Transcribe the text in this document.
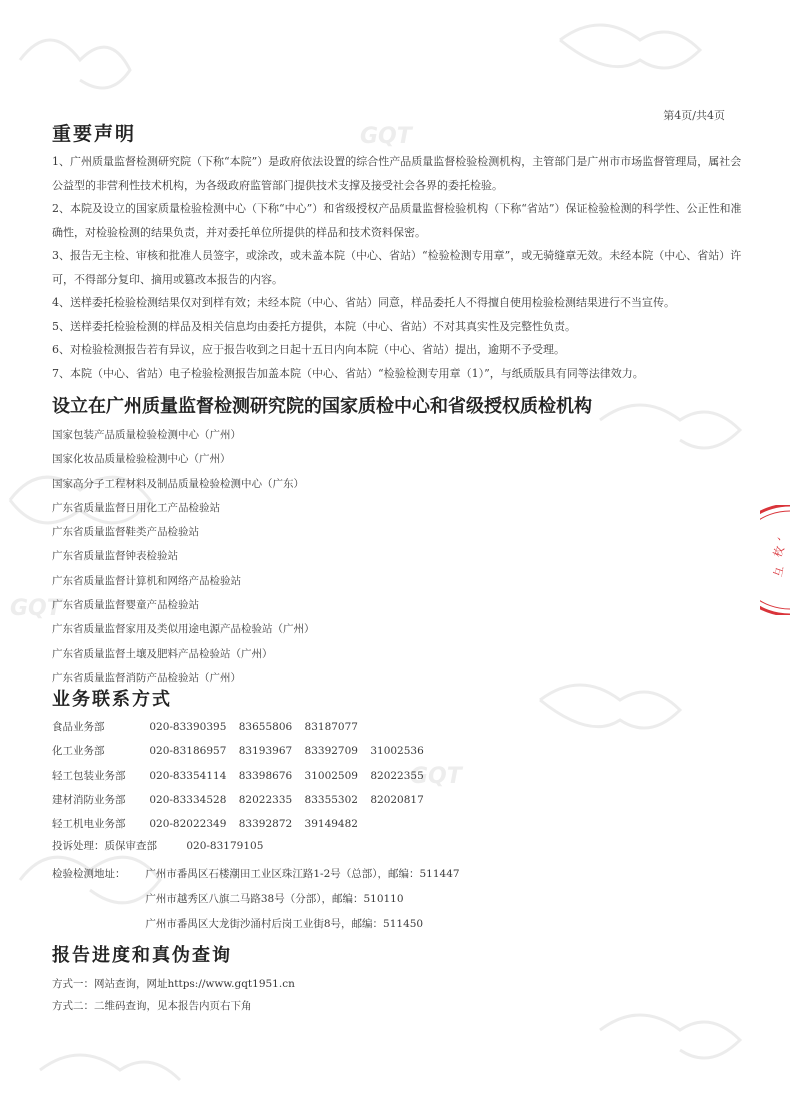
GQT
GQT
GQT
第4页/共4页
重要声明
1、广州质量监督检测研究院（下称“本院”）是政府依法设置的综合性产品质量监督检验检测机构，主管部门是广州市市场监督管理局，属社会公益型的非营利性技术机构，为各级政府监管部门提供技术支撑及接受社会各界的委托检验。
2、本院及设立的国家质量检验检测中心（下称“中心”）和省级授权产品质量监督检验机构（下称“省站”）保证检验检测的科学性、公正性和准确性，对检验检测的结果负责，并对委托单位所提供的样品和技术资料保密。
3、报告无主检、审核和批准人员签字，或涂改，或未盖本院（中心、省站）“检验检测专用章”，或无骑缝章无效。未经本院（中心、省站）许可，不得部分复印、摘用或篡改本报告的内容。
4、送样委托检验检测结果仅对到样有效；未经本院（中心、省站）同意，样品委托人不得擅自使用检验检测结果进行不当宣传。
5、送样委托检验检测的样品及相关信息均由委托方提供，本院（中心、省站）不对其真实性及完整性负责。
6、对检验检测报告若有异议，应于报告收到之日起十五日内向本院（中心、省站）提出，逾期不予受理。
7、本院（中心、省站）电子检验检测报告加盖本院（中心、省站）“检验检测专用章（1）”，与纸质版具有同等法律效力。
设立在广州质量监督检测研究院的国家质检中心和省级授权质检机构
国家包装产品质量检验检测中心（广州）
国家化妆品质量检验检测中心（广州）
国家高分子工程材料及制品质量检验检测中心（广东）
广东省质量监督日用化工产品检验站
广东省质量监督鞋类产品检验站
广东省质量监督钟表检验站
广东省质量监督计算机和网络产品检验站
广东省质量监督婴童产品检验站
广东省质量监督家用及类似用途电源产品检验站（广州）
广东省质量监督土壤及肥料产品检验站（广州）
广东省质量监督消防产品检验站（广州）
业务联系方式
食品业务部	020-83390395 83655806 83187077
化工业务部	020-83186957 83193967 83392709 31002536
轻工包装业务部 020-83354114 83398676 31002509 82022355
建材消防业务部 020-83334528 82022335 83355302 82020817
轻工机电业务部 020-82022349 83392872 39149482
投诉处理：质保审查部	020-83179105
检验检测地址： 广州市番禺区石楼潮田工业区珠江路1-2号（总部），邮编：511447
广州市越秀区八旗二马路38号（分部），邮编：510110
广州市番禺区大龙街沙涌村后岗工业街8号，邮编：511450
报告进度和真伪查询
方式一：网站查询，网址https://www.gqt1951.cn
方式二：二维码查询，见本报告内页右下角
、
枚
彑
